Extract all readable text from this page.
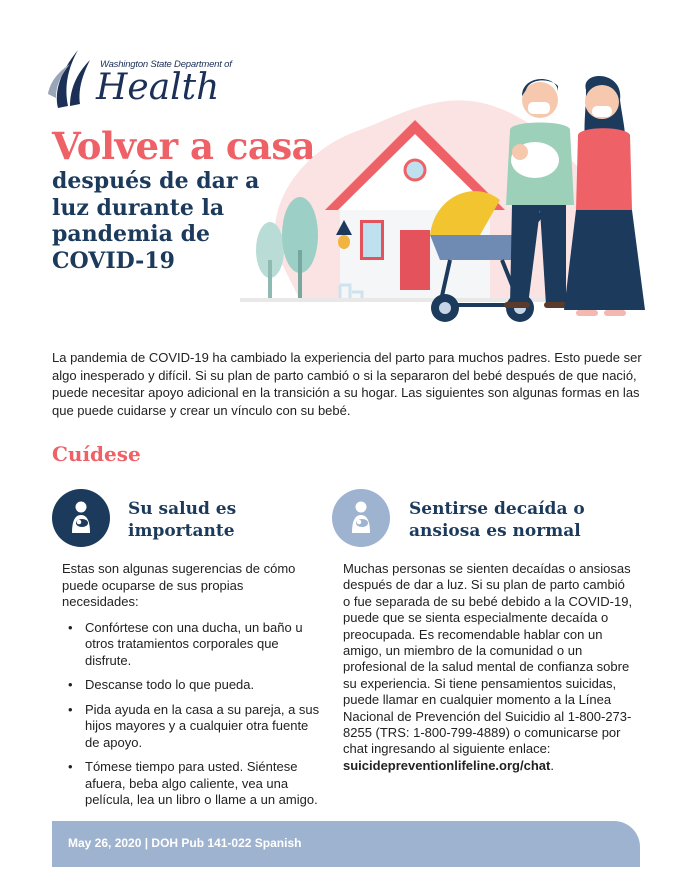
Washington State Department of
Health
Volver a casa
después de dar a luz durante la pandemia de COVID-19

La pandemia de COVID-19 ha cambiado la experiencia del parto para muchos padres. Esto puede ser algo inesperado y difícil. Si su plan de parto cambió o si la separaron del bebé después de que nació, puede necesitar apoyo adicional en la transición a su hogar. Las siguientes son algunas formas en las que puede cuidarse y crear un vínculo con su bebé.

Cuídese
Su salud es importante

Estas son algunas sugerencias de cómo puede ocuparse de sus propias necesidades:

• Confórtese con una ducha, un baño u otros tratamientos corporales que disfrute.
• Descanse todo lo que pueda.
• Pida ayuda en la casa a su pareja, a sus hijos mayores y a cualquier otra fuente de apoyo.
• Tómese tiempo para usted. Siéntese afuera, beba algo caliente, vea una película, lea un libro o llame a un amigo.
Sentirse decaída o ansiosa es normal
Muchas personas se sienten decaídas o ansiosas después de dar a luz. Si su plan de parto cambió o fue separada de su bebé debido a la COVID-19, puede que se sienta especialmente decaída o preocupada. Es recomendable hablar con un amigo, un miembro de la comunidad o un profesional de la salud mental de confianza sobre su experiencia. Si tiene pensamientos suicidas, puede llamar en cualquier momento a la Línea Nacional de Prevención del Suicidio al 1-800-273-8255 (TRS: 1-800-799-4889) o comunicarse por chat ingresando al siguiente enlace: suicidepreventionlifeline.org/chat.
May 26, 2020 | DOH Pub 141-022 Spanish
